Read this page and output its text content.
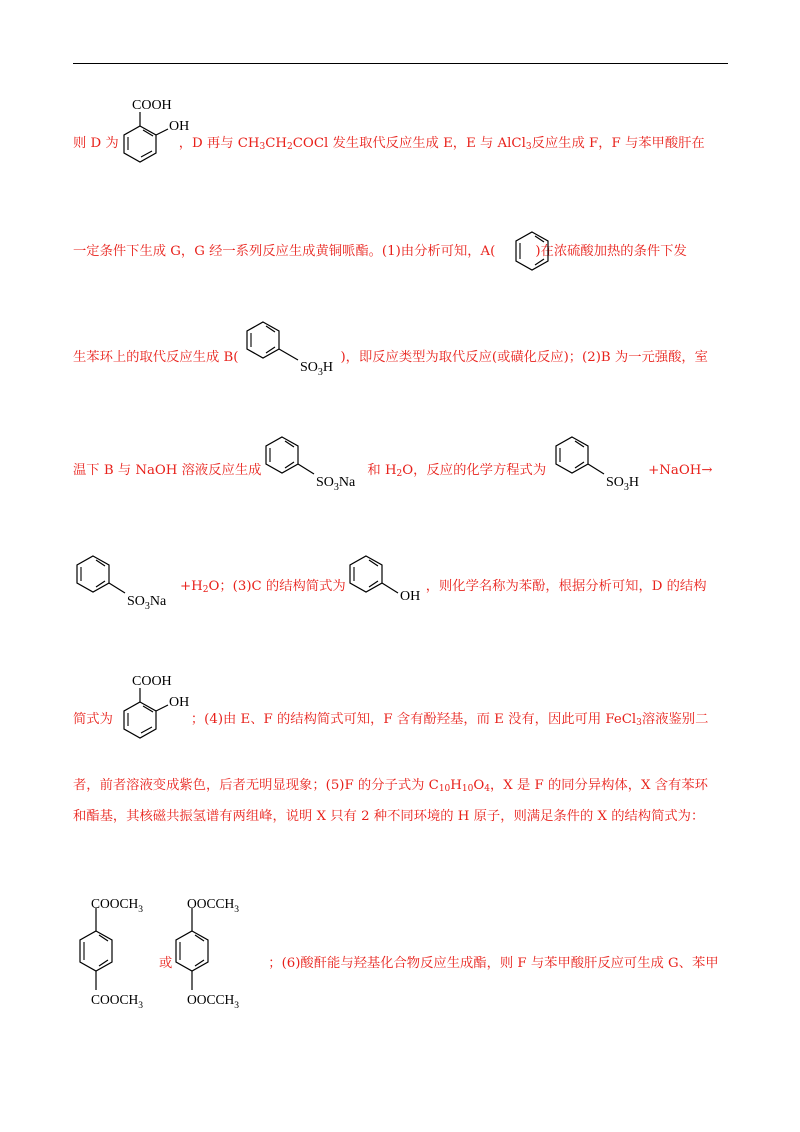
则 D 为	，D 再与 $CH_3CH_2COCl$ 发生取代反应生成 E，E 与 AlCl$_3$反应生成 F，F 与苯甲酸肝在
一定条件下生成 G，G 经一系列反应生成黄铜哌酯。(1)由分析可知，A(	)在浓硫酸加热的条件下发
生苯环上的取代反应生成 B(	)，即反应类型为取代反应(或磺化反应)；(2)B 为一元强酸，室
温下 B 与 NaOH 溶液反应生成	和 $H_2O$，反应的化学方程式为	+NaOH→
$+H_2O$；(3)C 的结构简式为	，则化学名称为苯酚，根据分析可知，D 的结构
简式为	；(4)由 E、F 的结构简式可知，F 含有酚羟基，而 E 没有，因此可用 FeCl$_3$溶液鉴别二
者，前者溶液变成紫色，后者无明显现象；(5)F 的分子式为 $C_{10}H_{10}O_4$，X 是 F 的同分异构体，X 含有苯环
和酯基，其核磁共振氢谱有两组峰，说明 X 只有 2 种不同环境的 H 原子，则满足条件的 X 的结构简式为：
或	；(6)酸酐能与羟基化合物反应生成酯，则 F 与苯甲酸肝反应可生成 G、苯甲
COOH
OH
$SO_3H$
$SO_3Na$	$SO_3H$
$SO_3Na$	OH
COOH
OH
$COOCH_3$
$COOCH_3$
$OOCCH_3$
$OOCCH_3$
